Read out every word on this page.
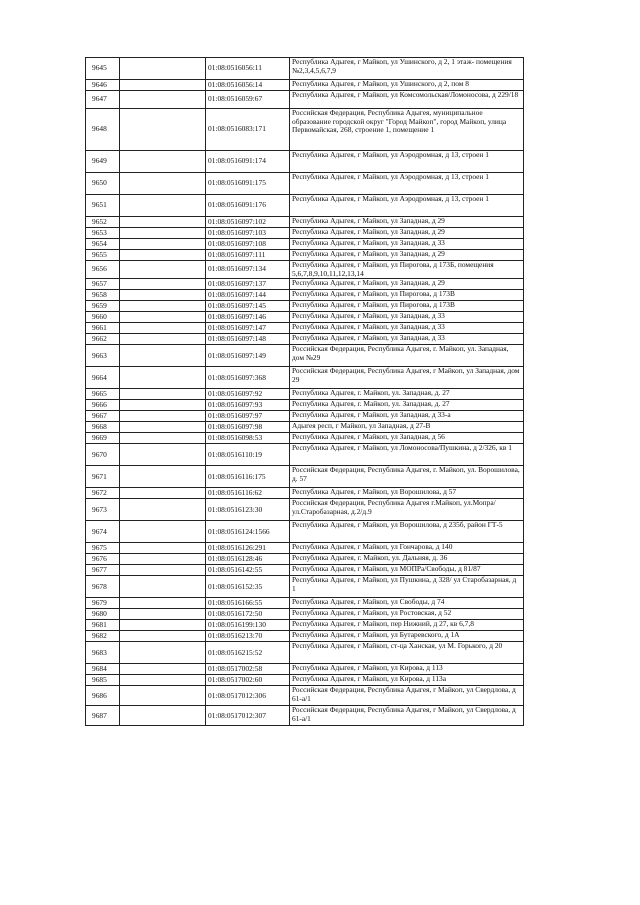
9645		01:08:0516056:11	Республика Адыгея, г Майкоп, ул Ушинского, д 2, 1 этаж- помещения №2,3,4,5,6,7,9

9646		01:08:0516056:14	Республика Адыгея, г Майкоп, ул Ушинского, д 2, пом 8

9647		01:08:0516059:67	Республика Адыгея, г Майкоп, ул Комсомольская/Ломоносова, д 229/18

9648		01:08:0516083:171	Российская Федерация, Республика Адыгея, муниципальное образование городской округ "Город Майкоп", город Майкоп, улица Первомайская, 268, строение 1, помещение 1

9649		01:08:0516091:174	Республика Адыгея, г Майкоп, ул Аэродромная, д 13, строен 1

9650		01:08:0516091:175	Республика Адыгея, г Майкоп, ул Аэродромная, д 13, строен 1

9651		01:08:0516091:176	Республика Адыгея, г Майкоп, ул Аэродромная, д 13, строен 1

9652		01:08:0516097:102	Республика Адыгея, г Майкоп, ул Западная, д 29

9653		01:08:0516097:103	Республика Адыгея, г Майкоп, ул Западная, д 29

9654		01:08:0516097:108	Республика Адыгея, г Майкоп, ул Западная, д 33

9655		01:08:0516097:111	Республика Адыгея, г Майкоп, ул Западная, д 29

9656		01:08:0516097:134	Республика Адыгея, г Майкоп, ул Пирогова, д 173Б, помещения 5,6,7,8,9,10,11,12,13,14

9657		01:08:0516097:137	Республика Адыгея, г Майкоп, ул Западная, д 29

9658		01:08:0516097:144	Республика Адыгея, г Майкоп, ул Пирогова, д 173В

9659		01:08:0516097:145	Республика Адыгея, г Майкоп, ул Пирогова, д 173В

9660		01:08:0516097:146	Республика Адыгея, г Майкоп, ул Западная, д 33

9661		01:08:0516097:147	Республика Адыгея, г Майкоп, ул Западная, д 33

9662		01:08:0516097:148	Республика Адыгея, г Майкоп, ул Западная, д 33

9663		01:08:0516097:149	Российская Федерация, Республика Адыгея, г. Майкоп, ул. Западная, дом №29

9664		01:08:0516097:368	Российская Федерация, Республика Адыгея, г Майкоп, ул Западная, дом 29

9665		01:08:0516097:92	Республика Адыгея, г. Майкоп, ул. Западная, д. 27

9666		01:08:0516097:93	Республика Адыгея, г. Майкоп, ул. Западная, д. 27

9667		01:08:0516097:97	Республика Адыгея, г Майкоп, ул Западная, д 33-а

9668		01:08:0516097:98	Адыгея респ, г Майкоп, ул Западная, д 27-В

9669		01:08:0516098:53	Республика Адыгея, г Майкоп, ул Западная, д 56

9670		01:08:0516110:19	Республика Адыгея, г Майкоп, ул Ломоносова/Пушкина, д 2/326, кв 1

9671		01:08:0516116:175	Российская Федерация, Республика Адыгея, г. Майкоп, ул. Ворошилова, д. 57

9672		01:08:0516116:62	Республика Адыгея, г Майкоп, ул Ворошилова, д 57

9673		01:08:0516123:30	Российская Федерация, Республика Адыгея г.Майкоп, ул.Мопра/ул.Старобазарная, д.2/д.9

9674		01:08:0516124:1566	Республика Адыгея, г Майкоп, ул Ворошилова, д 235б, район ГТ-5

9675		01:08:0516126:291	Республика Адыгея, г Майкоп, ул Гончарова, д 140

9676		01:08:0516128:46	Республика Адыгея, г. Майкоп, ул. Дальняя, д. 36

9677		01:08:0516142:55	Республика Адыгея, г Майкоп, ул МОПРа/Свободы, д 81/87

9678		01:08:0516152:35	Республика Адыгея, г Майкоп, ул Пушкина, д 328/ ул Старобазарная, д 1

9679		01:08:0516166:55	Республика Адыгея, г Майкоп, ул Свободы, д 74

9680		01:08:0516172:50	Республика Адыгея, г Майкоп, ул Ростовская, д 52

9681		01:08:0516199:130	Республика Адыгея, г Майкоп, пер Нижний, д 27, кв 6,7,8

9682		01:08:0516213:70	Республика Адыгея, г Майкоп, ул Бутаревского, д 1А

9683		01:08:0516215:52	Республика Адыгея, г Майкоп, ст-ца Ханская, ул М. Горького, д 20

9684		01:08:0517002:58	Республика Адыгея, г Майкоп, ул Кирова, д 113

9685		01:08:0517002:60	Республика Адыгея, г Майкоп, ул Кирова, д 113а

9686		01:08:0517012:306	Российская Федерация, Республика Адыгея, г Майкоп, ул Свердлова, д 61-а/1

9687		01:08:0517012:307	Российская Федерация, Республика Адыгея, г Майкоп, ул Свердлова, д 61-а/1
